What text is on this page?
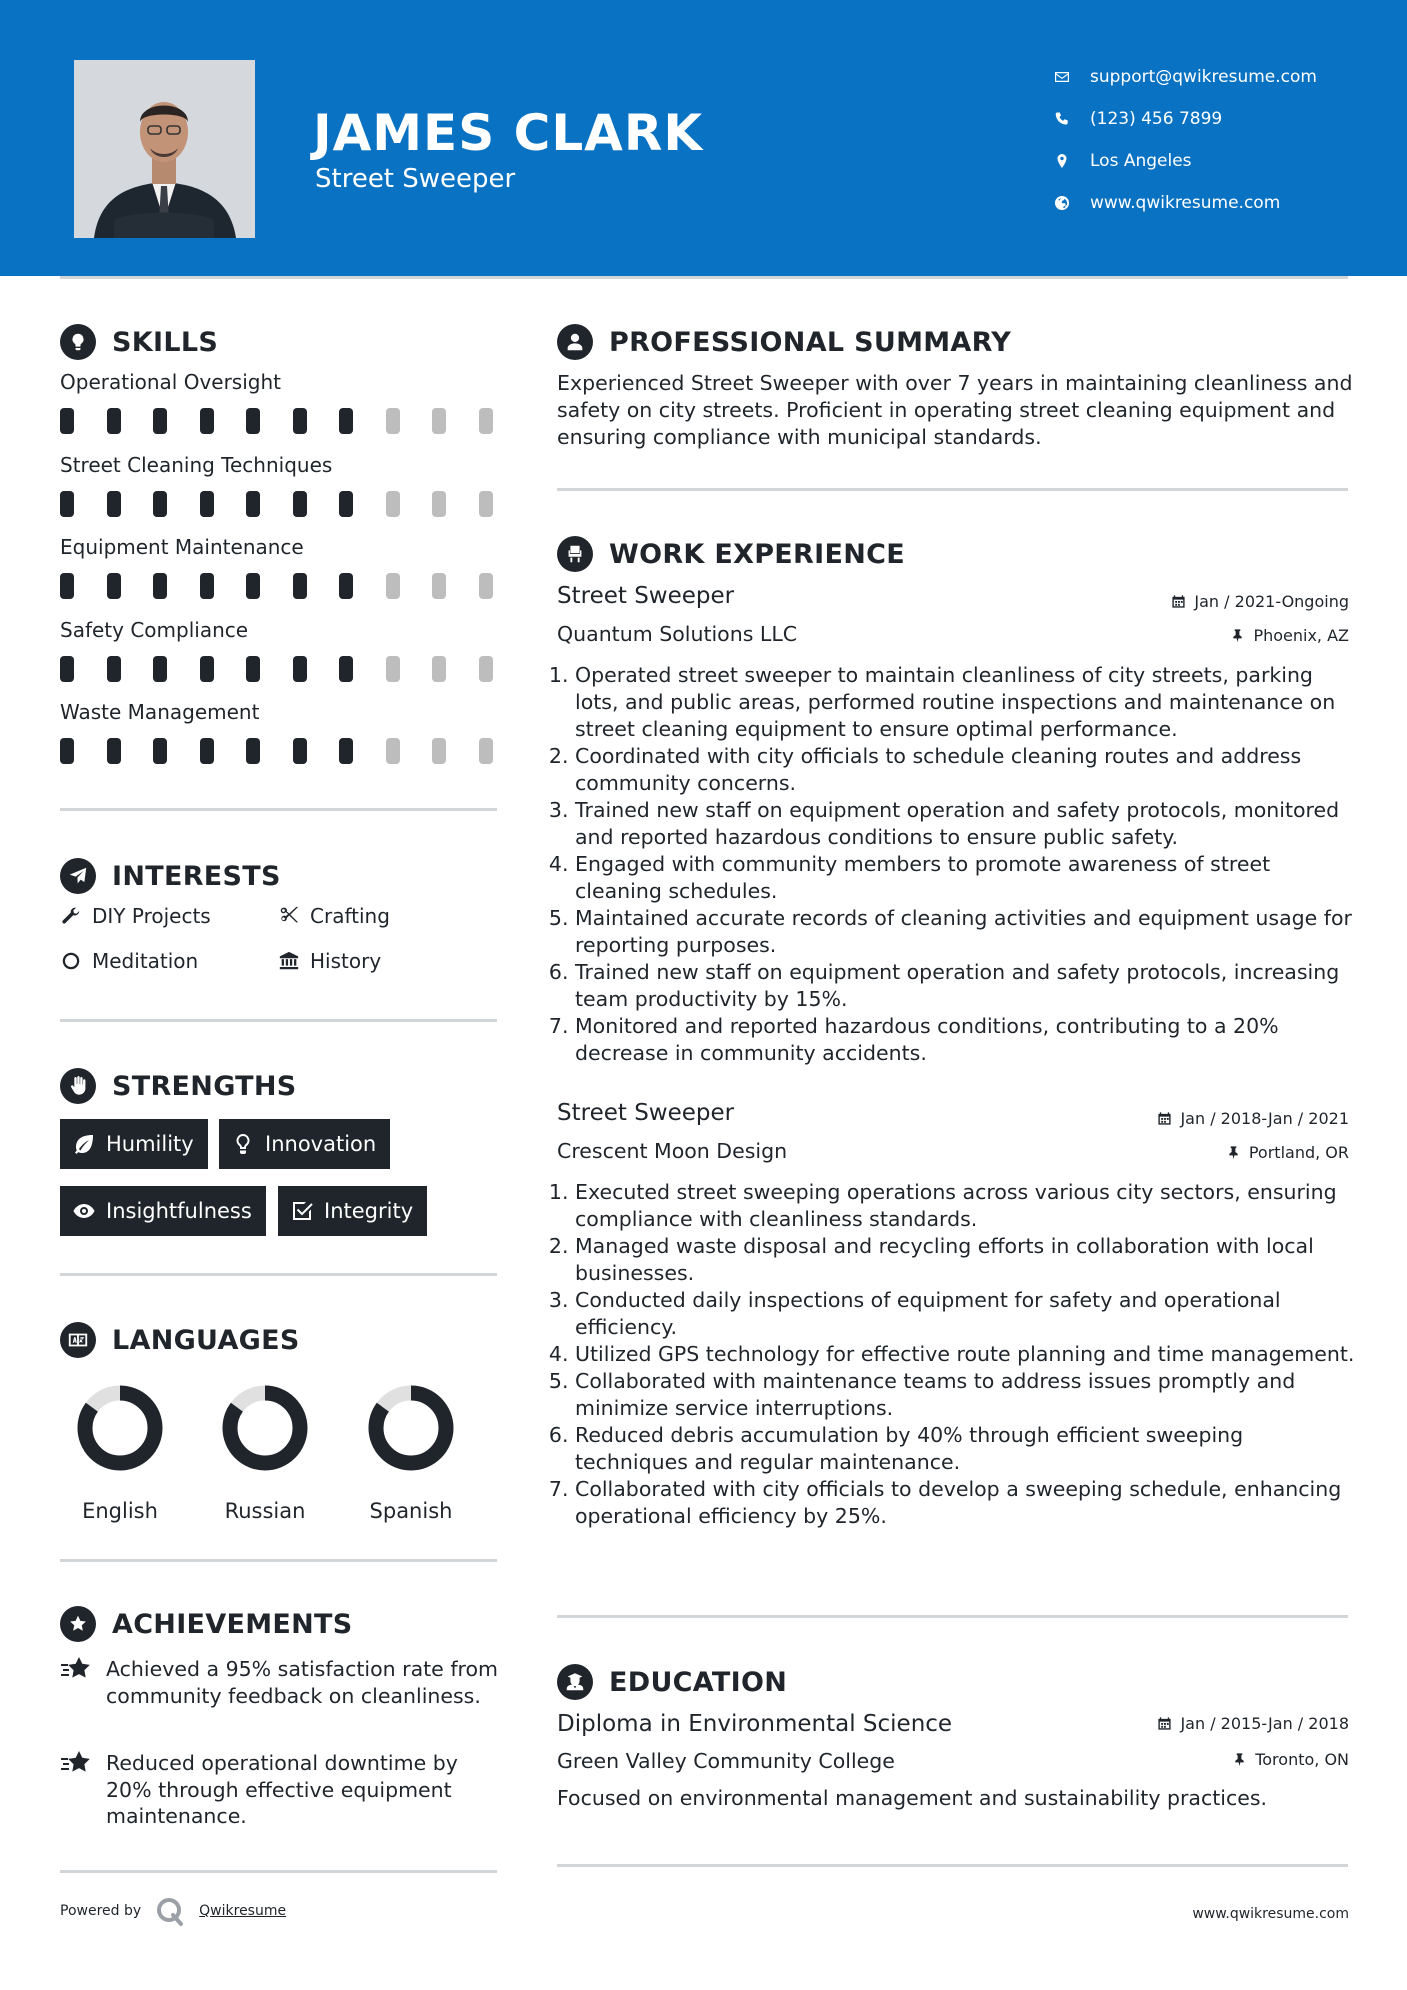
JAMES CLARK
Street Sweeper
support@qwikresume.com
(123) 456 7899
Los Angeles
www.qwikresume.com
SKILLS
Operational Oversight
Street Cleaning Techniques
Equipment Maintenance
Safety Compliance
Waste Management
INTERESTS
DIY Projects	Crafting
Meditation	History
STRENGTHS
Humility	Innovation
Insightfulness	Integrity
LANGUAGES
English	Russian	Spanish
ACHIEVEMENTS
Achieved a 95% satisfaction rate from community feedback on cleanliness.
Reduced operational downtime by 20% through effective equipment maintenance.
PROFESSIONAL SUMMARY
Experienced Street Sweeper with over 7 years in maintaining cleanliness and safety on city streets. Proficient in operating street cleaning equipment and ensuring compliance with municipal standards.
WORK EXPERIENCE
Street Sweeper	Jan / 2021-Ongoing
Quantum Solutions LLC	Phoenix, AZ
1. Operated street sweeper to maintain cleanliness of city streets, parking lots, and public areas, performed routine inspections and maintenance on street cleaning equipment to ensure optimal performance.
2. Coordinated with city officials to schedule cleaning routes and address community concerns.
3. Trained new staff on equipment operation and safety protocols, monitored and reported hazardous conditions to ensure public safety.
4. Engaged with community members to promote awareness of street cleaning schedules.
5. Maintained accurate records of cleaning activities and equipment usage for reporting purposes.
6. Trained new staff on equipment operation and safety protocols, increasing team productivity by 15%.
7. Monitored and reported hazardous conditions, contributing to a 20% decrease in community accidents.
Street Sweeper	Jan / 2018-Jan / 2021
Crescent Moon Design	Portland, OR
1. Executed street sweeping operations across various city sectors, ensuring compliance with cleanliness standards.
2. Managed waste disposal and recycling efforts in collaboration with local businesses.
3. Conducted daily inspections of equipment for safety and operational efficiency.
4. Utilized GPS technology for effective route planning and time management.
5. Collaborated with maintenance teams to address issues promptly and minimize service interruptions.
6. Reduced debris accumulation by 40% through efficient sweeping techniques and regular maintenance.
7. Collaborated with city officials to develop a sweeping schedule, enhancing operational efficiency by 25%.
EDUCATION
Diploma in Environmental Science	Jan / 2015-Jan / 2018
Green Valley Community College	Toronto, ON
Focused on environmental management and sustainability practices.
Powered by	Qwikresume	www.qwikresume.com
